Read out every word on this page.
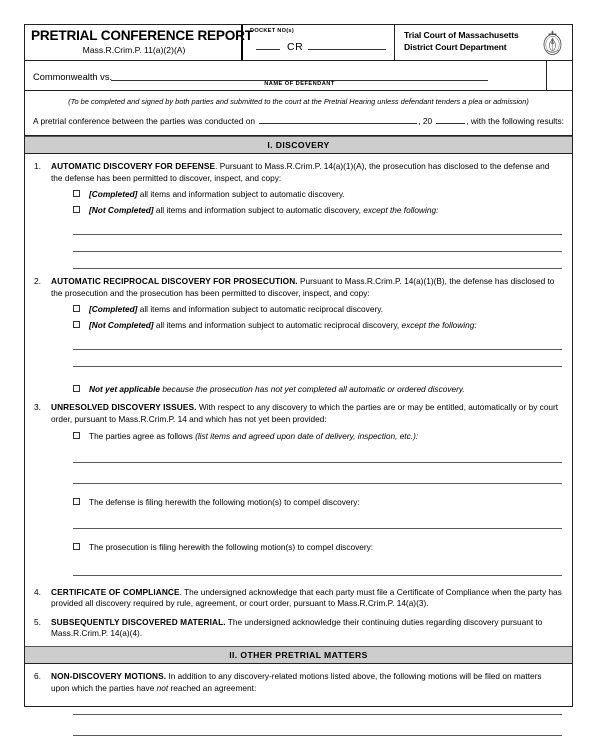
PRETRIAL CONFERENCE REPORT
Mass.R.Crim.P. 11(a)(2)(A)
DOCKET NO(s)
CR
Trial Court of Massachusetts
District Court Department
Commonwealth vs.
NAME OF DEFENDANT
(To be completed and signed by both parties and submitted to the court at the Pretrial Hearing unless defendant tenders a plea or admission)
A pretrial conference between the parties was conducted on	, 20	, with the following results:
I. DISCOVERY
1.	AUTOMATIC DISCOVERY FOR DEFENSE. Pursuant to Mass.R.Crim.P. 14(a)(1)(A), the prosecution has disclosed to the defense and the defense has been permitted to discover, inspect, and copy:
[Completed] all items and information subject to automatic discovery.
[Not Completed] all items and information subject to automatic discovery, except the following:
2.	AUTOMATIC RECIPROCAL DISCOVERY FOR PROSECUTION. Pursuant to Mass.R.Crim.P. 14(a)(1)(B), the defense has disclosed to the prosecution and the prosecution has been permitted to discover, inspect, and copy:
[Completed] all items and information subject to automatic reciprocal discovery.
[Not Completed] all items and information subject to automatic reciprocal discovery, except the following:
Not yet applicable because the prosecution has not yet completed all automatic or ordered discovery.
3.	UNRESOLVED DISCOVERY ISSUES. With respect to any discovery to which the parties are or may be entitled, automatically or by court order, pursuant to Mass.R.Crim.P. 14 and which has not yet been provided:
The parties agree as follows (list items and agreed upon date of delivery, inspection, etc.):
The defense is filing herewith the following motion(s) to compel discovery:
The prosecution is filing herewith the following motion(s) to compel discovery:
4.	CERTIFICATE OF COMPLIANCE. The undersigned acknowledge that each party must file a Certificate of Compliance when the party has provided all discovery required by rule, agreement, or court order, pursuant to Mass.R.Crim.P. 14(a)(3).
5.	SUBSEQUENTLY DISCOVERED MATERIAL. The undersigned acknowledge their continuing duties regarding discovery pursuant to Mass.R.Crim.P. 14(a)(4).
II. OTHER PRETRIAL MATTERS
6.	NON-DISCOVERY MOTIONS. In addition to any discovery-related motions listed above, the following motions will be filed on matters upon which the parties have not reached an agreement:
